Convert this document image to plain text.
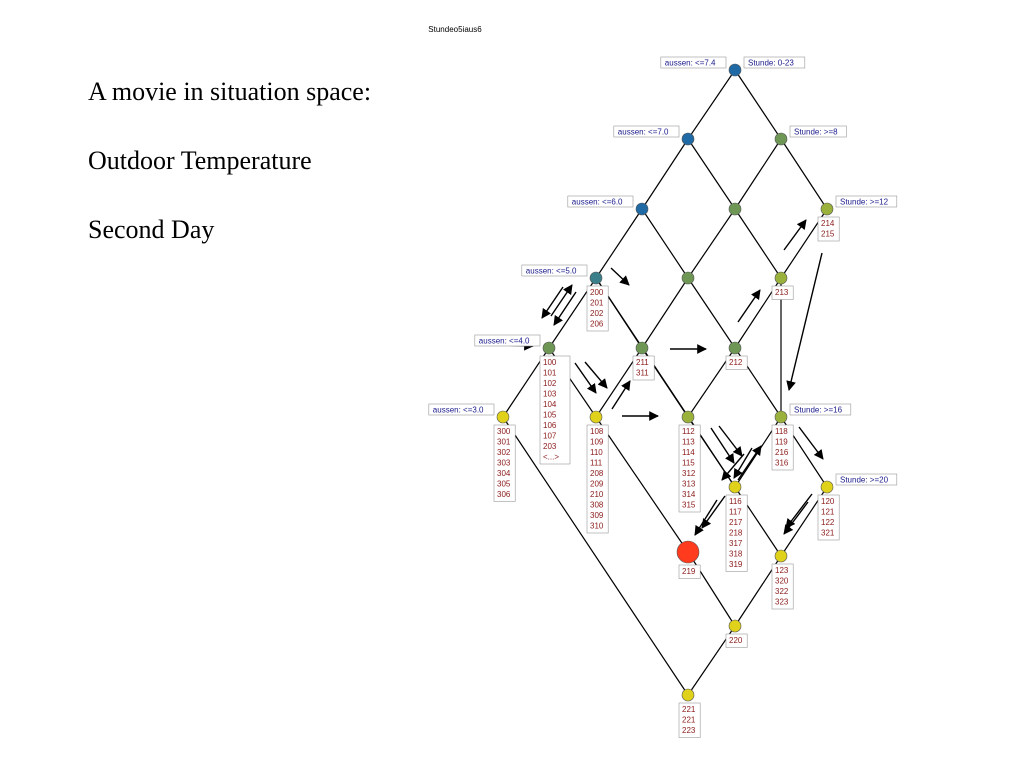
A movie in situation space:
Outdoor Temperature
Second Day
Stundeo5iaus6
Stunde: 0-23
aussen: <=7.4
aussen: <=7.0	Stunde: >=8
aussen: <=6.0	Stunde: >=12
aussen: <=5.0
aussen: <=4.0
aussen: <=3.0	Stunde: >=16
Stunde: >=20
214
215
200
201
202
206
213
100
101
102
103
104
105
106
107
203
<...>
211
311
212
300
301
302
303
304
305
306
108
109
110
111
208
209
210
308
309
310
112
113
114
115
312
313
314
315
118
119
216
316
120
121
122
321
116
117
217
218
317
318
319
219	123
320
322
323
220
221
221
223
